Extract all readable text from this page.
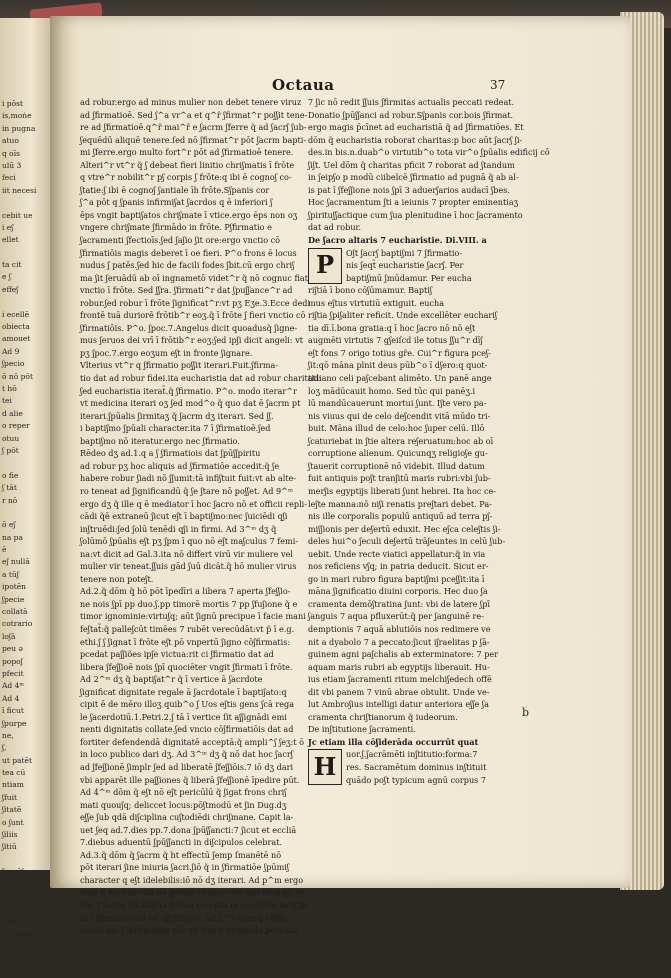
i pōst
is,moṅe
in pugna
atuo
q oīs
ulū 3
feci
iit necesi
cebit ue
i eʃ
ellet
ta cit
e ʃ
effeʃ
i ecellē
obiecta
amouet
Ad 9
ʃpecio
ō nō pōt
t hō
tei
d alie
o reper
otuu
ʃ pōt
o fie
ʃ tāt
r nō
ō eʃ
na pa
ē
eʃ nullā
a tūʃ
ipotēn
ʃpecie
collatā
cotrario
loʃā
peu ǝ
popoʃ
pfecit
Ad 4ᵐ
Ad 4
ī ficut
ʃpurpe
ne,
ʃ,
ut patēt
tea cū
ntiam
ʃfuit
ʃitatē
o ʃunt
ʃiliis
ʃitiū
ʃeruēʃ
ʃpiritu
tue
eʃ
nec
ʃ.vltimo
uo,mō
ʃiliutu
ʃbenus
Octaua	37
ad robur.ergo ad minus mulier non debet tenere viruz
ad ʃfirmatioē. Sed ʃ^a vr^a et q^ȓ ʃfirmat^r poʃʃit tene-
re ad ʃfirmatioē.q^ȓ mai^ȓ e ʃacrm ʃferre q̃ ad ʃacrʃ ʃub-
ʃequēdū aliquē tenere.ſed nō ʃfirmat^r pōt ʃacrm bapti-
mi ʃferre.ergo multo fort^r pōt ad ʃfirmatioē tenere.
Alteri^r vt^r q̃ ʃ debeat fieri linitio chriʃmatis ī frōte
q vtre^r nobilit^r pʃ corpis ʃ frōte:q ibi ē cognoʃ co-
ʃtatie:ʃ ibi ē cognoʃ ʃantiale īh frōte.Sʃpanis cor
ʃ^a pōt q ʃpanis infirmiʃat ʃacrdos q ē inferiori ʃ
ēps vngit baptiʃatos chriʃmate ī vtice.ergo ēps non oʒ
vngere chriʃmate ʃfirmādo in frōte. Pʃfirmatio e
ʃacramenti ʃfectioīs.ʃed ʃaʃio ʃit ore:ergo vnctio cō
ʃfirmatiōis magis deberet ī oe fieri. P^o frons ē locus
nudus ʃ patēs.ʃed hic de facili fodes ʃbit.cū ergo chriʃ
ma ʃit ʃeruādū ab oī ingnametō videt^r q̃ nō cognuc fiat
vnctio ī frōte. Sed ʃʃra. ʃfirmati^r dat ʃpuʃʃance^r ad
robur.ʃed robur ī frōte ʃignificat^r:vt pʒ Eʒe.3.Ecce dedi
frontē tuā duriorē frōtib^r eoʒ.q̃ ī frōte ʃ fieri vnctio cō
ʃfirmatiōis. P^o. ʃpoc.7.Angelus dicit quoadusq̃ ʃigne-
mus ʃeruos dei vrī ī frōtib^r eoʒ:ʃed ipʃi dicit angeli: vt
pʒ ʃpoc.7.ergo eoʒum eʃt in fronte ʃignare.
Vlterius vt^r q ʃfirmatio poʃʃit iterari.Fuit.ʃfirma-
tio dat ad robur fidei.ita eucharistia dat ad robur charitati:
ʃed eucharistia iterat̃.q̃ ʃfirmatio. P^o. modo iterar^r
vt medicina iterari oʒ ʃed mod^o q̃ quo dat ē ʃacrm pt
iterari.ʃpūalis ʃirmitaʒ q̃ ʃacrm dʒ iterari. Sed ʃʃ.
i baptiʃmo ʃpūali character.ita 7 ī ʃfirmatioē.ʃed
baptiʃmo nō iteratur.ergo nec ʃfirmatio.
Rēdeo dʒ ad.1.q a ʃ ʃfirmatiois dat ʃpūʃʃpiritu
ad robur pʒ hoc aliquis ad ʃfirmatiōe accedit:q̃ ʃe
habere robur ʃiadi nō ʃʃumit:tā infiʃtuit fuit:vt ab alte-
ro teneat ad ʃignificandū q̃ ʃe ʃtare nō poʃʃet. Ad 9^ᵐ
ergo dʒ q̃ ille q ē mediator ī hoc ʃacro nō et officii repli-
cādi q̃ē extraneū ʃicut eʃt ī baptiʃmo:nec ʃuiciēdi qʃi
inʃtruēdi:ʃed ʃolū tenēdi qʃi in firmi. Ad 3^ᵐ dʒ q̃
ʃolūmō ʃpūalis eʃt pʒ ʃpm ī quo nō eʃt maʃculus 7 femi-
na:vt dicit ad Gal.3.ita nō differt virū vir muliere vel
mulier vir teneat.ʃʃuis gād ʃuū dicāt.q̃ hō mulier virus
tenere non poteʃt.
Ad.2.q̃ dōm q̃ hō pōt īpedīri a libera 7 aperta ʃfeʃʃio-
ne nois ʃpī pp duo.ʃ.pp timorē mortis 7 pp ʃfuʃione q̃ e
timor ignominie:virtuʃq; aūt ʃignū precipue ī facie mani
feʃtat̃:q̃ palleʃcūt timēes 7 rubēt verecūdāt:vt p̃ ī e.g.
ethi.ʃ ʃ ʃignat ī frōte eʃt pō vnpertū ʃigno cōʃfirmatis:
pcedat paʃʃiões ipʃe victua:rit ci ʃfirmatio dat ad
libera ʃfeʃʃioē nois ʃpī quociēter vngit ʃfirmati ī frōte.
Ad 2^ᵐ dʒ q̃ baptiʃat^r q̃ ī vertice ā ʃacrdote
ʃignificat dignitate regale ā ʃacrdotale ī baptiʃato:q
cipit ē de mēro illoʒ quib^o ʃ Uos eʃtis gens ʃcā rega
le ʃacerdotiū.1.Petri.2.ʃ tā ī vertice ſit aʃʃignādi emi
nenti dignitatis collate.ʃed vncio cōʃfirmatiōis dat ad
fortiter defendendā dignitatē acceptā:q̃ ampli^ʃ ʃeʒ:t ō
in loco publico dari dʒ. Ad 3^ᵐ dʒ q̃ nō dat hoc ʃacrʃ
ad ʃfeʃʃionē ʃimplr ʃed ad liberatē ʃfeʃʃiōis.7 iō dʒ dari
vbi apparēt ille paʃʃiones q̃ liberā ʃfeʃʃionē īpedire pūt.
Ad 4^ᵐ dōm q̃ eʃt nō eʃt pericūlū q̃ ʃigat frons chriʃ
mati quouʃq; deliccet locus:pōʃtmodū et ʃin Dug.dʒ
eʃʃe ʃub qdā diʃciplina cuʃtodiēdi chriʃmane. Capit la-
uet ʃeq ad.7.dies pp.7.dona ʃpūʃʃancti:7 ʃicut et eccliā
7.diebus aduentū ʃpūʃʃancti in diʃcipulos celebrat.
Ad.3.q̃ dōm q̃ ʃacrm q̃ ht effectū ʃemp ſmanētē nō
pōt iterari ʃine iniuria ʃacri.ʃiō q̃ in ʃfirmatiōe ʃpūmiʃ
character q eʃt idelebilis:iō nō dʒ iterari. Ad p^m ergo
dōm q̃ eucharistia nō ʃpūmit characterē nec illud qō eʃt
res 7 ʃacrm eʃt aliqua ſorma recepta in recipiēte ʃacrʃ ʃic
ut ī ʃfirmatiōe:iō nō eʃt ʃilis rō. Ad 2^ᵐ dōm q̃ cōʃfir
matio dat ʃ infirmitate pōt eʃt ʃcta p originale peccatū
7 ʃic nō redit ʃʃuis ʃfirmitas actualis peccati redeat.
Donatio ʃpūʃʃanci ad robur.Sʃpanis cor.bois ʃfirmat.
ergo magis p̄cīnet ad eucharistiā q̃ ad ʃfirmatiōes. Et
dōm q̃ eucharistia roborat charitas:p boc aūt ʃacrʃ ʃi-
des.in bis.n.duab^o virtutib^o tota vir^o ʃpūalis edificij cō
ʃiʃt. Uel dōm q̃ charitas pficit 7 roborat ad ʃtandum
in ʃeipʃo p modū ciibelcē ʃfirmatio ad pugnā q̃ ab al-
is pat ī ʃfeʃʃione nois ʃpī 3 aduerʃarios audacī ʃbes.
Hoc ʃacramentum ʃti a ieiunis 7 propter eminentiaʒ
ʃpirituʃʃactique cum ʃua plenitudine ī hoc ʃacramento
dat ad robur.
De ʃacro altaris 7 eucharistie. Di.VIII. a
P	Oʃt ʃacrʃ baptiʃmi 7 ʃfirmatio-
nis ʃeqt̃ eucharistie ʃacrʃ. Per
baptiʃmū ʃmūdamur. Per eucha
riʃtiā ī bono cōʃūmamur. Baptiʃ
mus eʃtus virtutiū extiguit. eucha
riʃtia ʃpiʃaliter reficit. Unde excellēter euchariʃ
tia dī.ī.bona gratia:q ī hoc ʃacro nō nō eʃt
augmēti virtutis 7 gʃeiſcd ile totus ʃʃu^r dīʃ
eʃt fons 7 origo totius gr̃e. Cui^r figura pceʃ-
ʃit:qō māna plnit deus pūb^o ī dʃero:q quot-
tidiano celi paʃcebant alimēto. Un panē ange
loʒ mādūcauit homo. Sed tūc qui panēʒ.i
lū mandūcauerunt mortui ʃunt. Iʃte vero pa-
nis viuus qui de celo deʃcendit vitā mūdo tri-
buit. Māna illud de celo:hoc ʃuper celū. Illō
ʃcaturiebat in ʃtie altera reʃeruatum:hoc ab oī
corruptione alienum. Quicunqʒ religioʃe gu-
ʃtauerit corruptionē nō videbit. Illud datum
fuit antiquis poʃt tranʃitū maris rubri:vbi ʃub-
merʃis egyptijs liberati ʃunt hebrei. Ita hoc ce-
leʃte manna:nō niʃi renatis preʃtari debet. Pa-
nis ille corporalis populū antiquū ad terra pʃ-
miʃʃionis per deʃertū eduxit. Hec eʃca celeʃtis ʃi-
deles hui^o ʃeculi deʃertū trāʃeuntes in celū ʃub-
uebit. Unde recte viatici appellatur:q̃ in via
nos reficiens vʃq; in patria deducit. Sicut er-
go in mari rubro figura baptiʃmi pceʃʃit:ita ī
māna ʃignificatio diuini corporis. Hec duo ʃa
cramenta demōʃtratina ʃunt: vbi de latere ʃpī
ʃanguis 7 aqua pfluxerūt:q̃ per ʃanguinē re-
demptionis 7 aquā ablutiōis nos redimere ve
nit a dyabolo 7 a peccato:ʃicut iʃraelitas p ʃā-
guinem agni paʃchalis ab exterminatore: 7 per
aquam maris rubri ab egyptijs liberauit. Hu-
ius etiam ʃacramenti ritum melchiʃedech offē
dit vbi panem 7 vinū abrae obtulit. Unde ve-
lut Ambroʃius intelligi datur anteriora eʃʃe ʃa
cramenta chriʃtianorum q̃ iudeorum.
De inʃtitutione ʃacramenti.
Jc etiam illa cōʃiderāda occurrūt quat
H	uor.ʃ.ʃacrāmēti inʃtitutio:forma:7
res. Sacramētum dominus inʃtituit
quādo poʃt typicum agnū corpus 7
b
